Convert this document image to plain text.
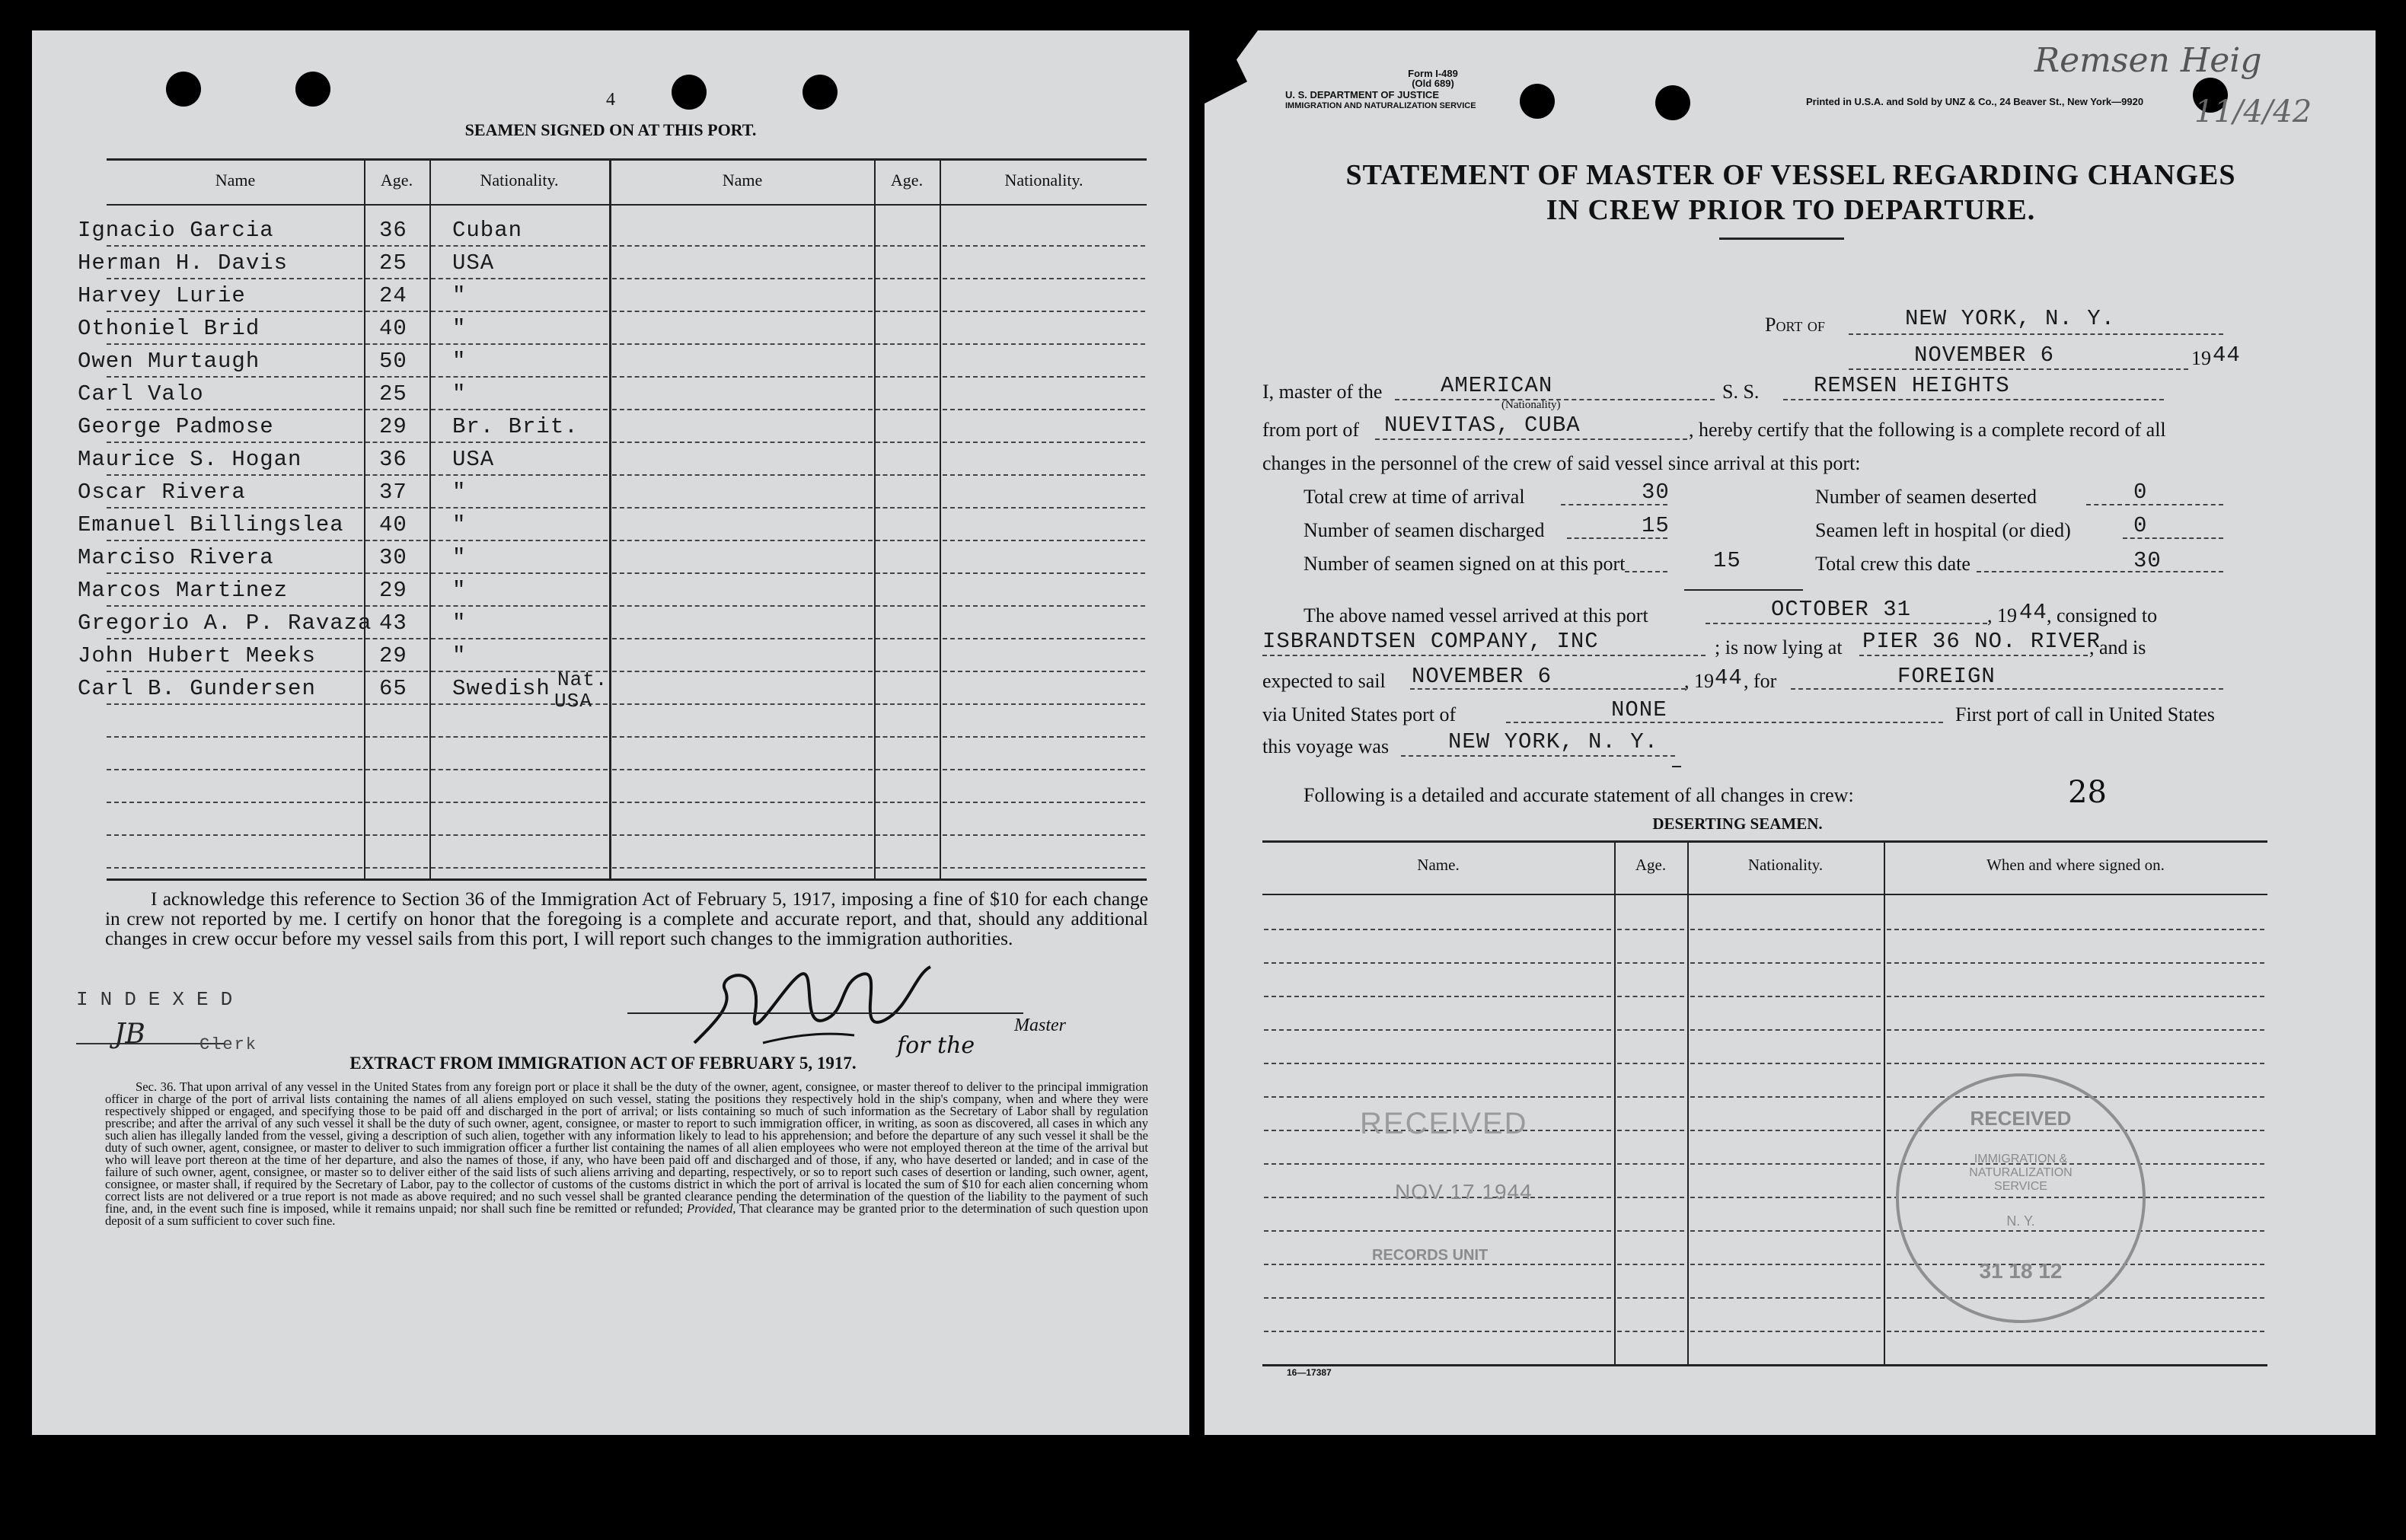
4
SEAMEN SIGNED ON AT THIS PORT.
Name	Age.	Nationality.	Name	Age.	Nationality.
Ignacio Garcia	36 Cuban
Herman H. Davis	25 USA
Harvey Lurie	24 "
Othoniel Brid	40 "
Owen Murtaugh	50 "
Carl Valo	25 "
George Padmose	29 Br. Brit.
Maurice S. Hogan	36 USA
Oscar Rivera	37 "
Emanuel Billingslea 40 "
Marciso Rivera	30 "
Marcos Martinez	29 "
Gregorio A. P. Ravaza 43 "
John Hubert Meeks	29 "
Carl B. Gundersen	65 Swedish Nat.
USA
I acknowledge this reference to Section 36 of the Immigration Act of February 5, 1917, imposing a fine of $10 for each change in crew not reported by me. I certify on honor that the foregoing is a complete and accurate report, and that, should any additional changes in crew occur before my vessel sails from this port, I will report such changes to the immigration authorities.
INDEXED
JB	Clerk	for the
Master
EXTRACT FROM IMMIGRATION ACT OF FEBRUARY 5, 1917.
Sec. 36. That upon arrival of any vessel in the United States from any foreign port or place it shall be the duty of the owner, agent, consignee, or master thereof to deliver to the principal immigration officer in charge of the port of arrival lists containing the names of all aliens employed on such vessel, stating the positions they respectively hold in the ship's company, when and where they were respectively shipped or engaged, and specifying those to be paid off and discharged in the port of arrival; or lists containing so much of such information as the Secretary of Labor shall by regulation prescribe; and after the arrival of any such vessel it shall be the duty of such owner, agent, consignee, or master to report to such immigration officer, in writing, as soon as discovered, all cases in which any such alien has illegally landed from the vessel, giving a description of such alien, together with any information likely to lead to his apprehension; and before the departure of any such vessel it shall be the duty of such owner, agent, consignee, or master to deliver to such immigration officer a further list containing the names of all alien employees who were not employed thereon at the time of the arrival but who will leave port thereon at the time of her departure, and also the names of those, if any, who have been paid off and discharged and of those, if any, who have deserted or landed; and in case of the failure of such owner, agent, consignee, or master so to deliver either of the said lists of such aliens arriving and departing, respectively, or so to report such cases of desertion or landing, such owner, agent, consignee, or master shall, if required by the Secretary of Labor, pay to the collector of customs of the customs district in which the port of arrival is located the sum of $10 for each alien concerning whom correct lists are not delivered or a true report is not made as above required; and no such vessel shall be granted clearance pending the determination of the question of the liability to the payment of such fine, and, in the event such fine is imposed, while it remains unpaid; nor shall such fine be remitted or refunded; Provided, That clearance may be granted prior to the determination of such question upon deposit of a sum sufficient to cover such fine.
Form I-489
(Old 689)
U. S. DEPARTMENT OF JUSTICE
IMMIGRATION AND NATURALIZATION SERVICE	Printed in U.S.A. and Sold by UNZ & Co., 24 Beaver St., New York—9920
Remsen Heig
11/4/42
STATEMENT OF MASTER OF VESSEL REGARDING CHANGES
IN CREW PRIOR TO DEPARTURE.
Port of	NEW YORK, N. Y.
NOVEMBER 6	19 44
I, master of the	AMERICAN
(Nationality)
S. S. REMSEN HEIGHTS
from port of NUEVITAS, CUBA	, hereby certify that the following is a complete record of all
changes in the personnel of the crew of said vessel since arrival at this port:
Total crew at time of arrival	30	Number of seamen deserted	0
Number of seamen discharged	15	Seamen left in hospital (or died)	0
Number of seamen signed on at this port	15	Total crew this date	30
The above named vessel arrived at this port	OCTOBER 31	, 19 44 , consigned to
ISBRANDTSEN COMPANY, INC	; is now lying at PIER 36 NO. RIVER
, and is
expected to sail NOVEMBER 6	, 19 44 , for	FOREIGN
via United States port of	NONE	First port of call in United States
this voyage was	NEW YORK, N. Y.
Following is a detailed and accurate statement of all changes in crew:	28
DESERTING SEAMEN.
Name.	Age.	Nationality.	When and where signed on.
RECEIVED
NOV 17 1944
RECORDS UNIT
RECEIVED
IMMIGRATION & NATURALIZATION SERVICE
N. Y.
31 18 12
16—17387
